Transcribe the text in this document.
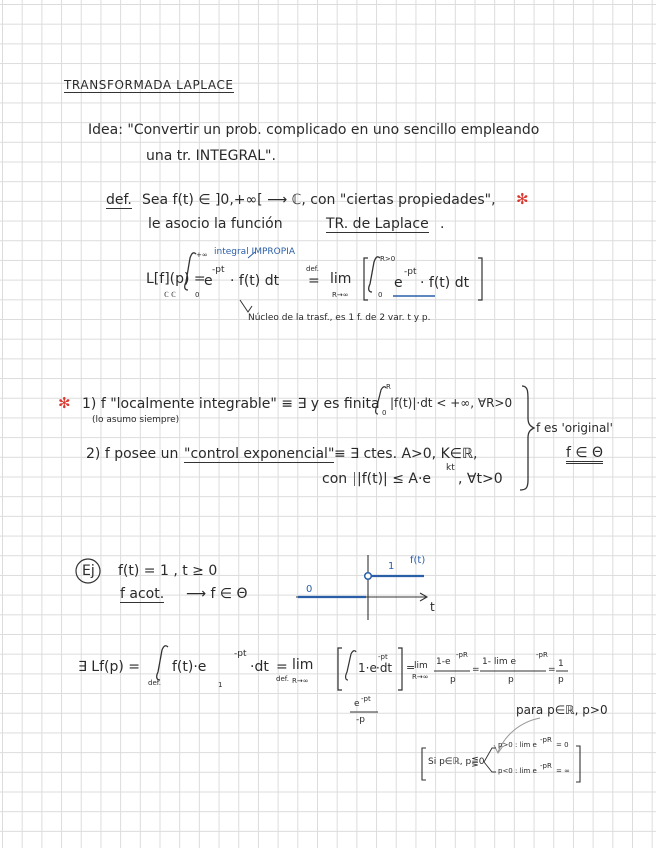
TRANSFORMADA LAPLACE
Idea: "Convertir un prob. complicado en uno sencillo empleando
una tr. INTEGRAL".
def. Sea f(t) ∈ ]0,+∞[ ⟶ ℂ, con "ciertas propiedades", ✻
le asocio la función	TR. de Laplace .
L[f](p) =
ℂ ℂ
+∞
0
integral IMPROPIA
e
-pt
· f(t) dt =
def.
lim
R→∞
R>0
0
e
-pt
· f(t) dt
Núcleo de la trasf., es 1 f. de 2 var. t y p.
✻ 1) f "localmente integrable" ≡ ∃ y es finita
R
0
|f(t)|·dt < +∞, ∀R>0
(lo asumo siempre)
2) f posee un "control exponencial" ≡ ∃ ctes. A>0, K∈ℝ,
con |f(t)| ≤ A·e
kt
, ∀t>0
f es 'original'
f ∈ Θ
Ej f(t) = 1 , t ≥ 0
f acot. ⟶ f ∈ Θ
f(t)
1
0
t
∃ Lf(p) =
def.
f(t)·e
-pt
·dt =
def.
lim
R→∞
1·e
-pt
·dt
1
e -pt
-p
=
lim
R→∞
1-e
-pR
p
=
1- lim e
-pR
p
=
1
p
para p∈ℝ, p>0
Si p∈ℝ, p⪋0
p>0 : lim e
-pR
= 0
p<0 : lim e
-pR
= ∞
